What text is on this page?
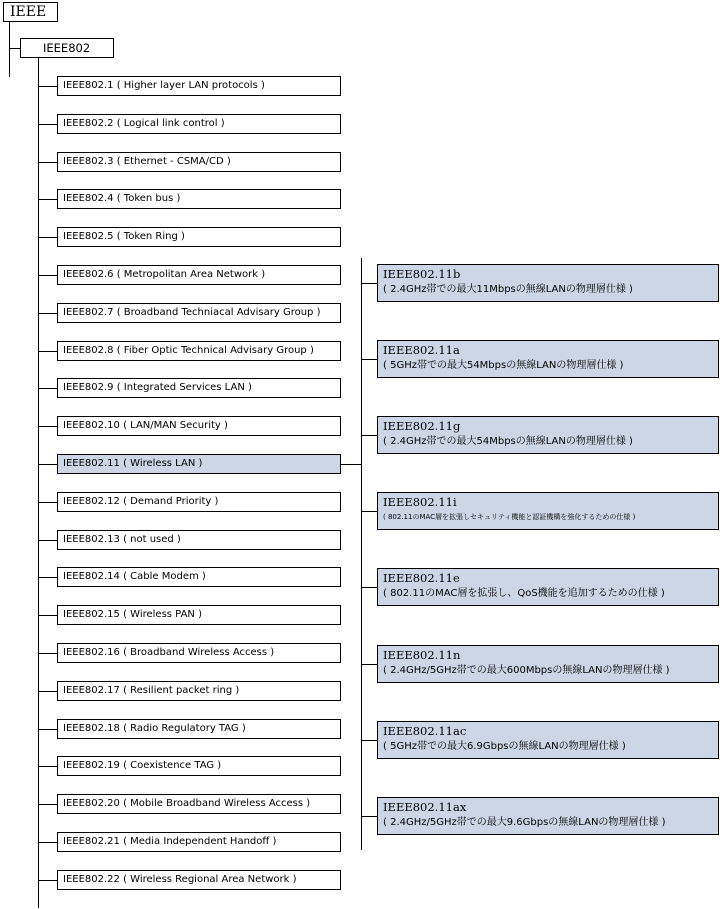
IEEE
IEEE802
IEEE802.1 ( Higher layer LAN protocols )
IEEE802.2 ( Logical link control )
IEEE802.3 ( Ethernet - CSMA/CD )
IEEE802.4 ( Token bus )
IEEE802.5 ( Token Ring )
IEEE802.6 ( Metropolitan Area Network )
IEEE802.7 ( Broadband Techniacal Advisary Group )
IEEE802.8 ( Fiber Optic Technical Advisary Group )
IEEE802.9 ( Integrated Services LAN )
IEEE802.10 ( LAN/MAN Security )
IEEE802.11 ( Wireless LAN )
IEEE802.12 ( Demand Priority )
IEEE802.13 ( not used )
IEEE802.14 ( Cable Modem )
IEEE802.15 ( Wireless PAN )
IEEE802.16 ( Broadband Wireless Access )
IEEE802.17 ( Resilient packet ring )
IEEE802.18 ( Radio Regulatory TAG )
IEEE802.19 ( Coexistence TAG )
IEEE802.20 ( Mobile Broadband Wireless Access )
IEEE802.21 ( Media Independent Handoff )
IEEE802.22 ( Wireless Regional Area Network )
IEEE802.11b
( 2.4GHz帯での最大11Mbpsの無線LANの物理層仕様 )
IEEE802.11a
( 5GHz帯での最大54Mbpsの無線LANの物理層仕様 )
IEEE802.11g
( 2.4GHz帯での最大54Mbpsの無線LANの物理層仕様 )
IEEE802.11i
( 802.11のMAC層を拡張しセキュリティ機能と認証機構を強化するための仕様 )
IEEE802.11e
( 802.11のMAC層を拡張し、QoS機能を追加するための仕様 )
IEEE802.11n
( 2.4GHz/5GHz帯での最大600Mbpsの無線LANの物理層仕様 )
IEEE802.11ac
( 5GHz帯での最大6.9Gbpsの無線LANの物理層仕様 )
IEEE802.11ax
( 2.4GHz/5GHz帯での最大9.6Gbpsの無線LANの物理層仕様 )
